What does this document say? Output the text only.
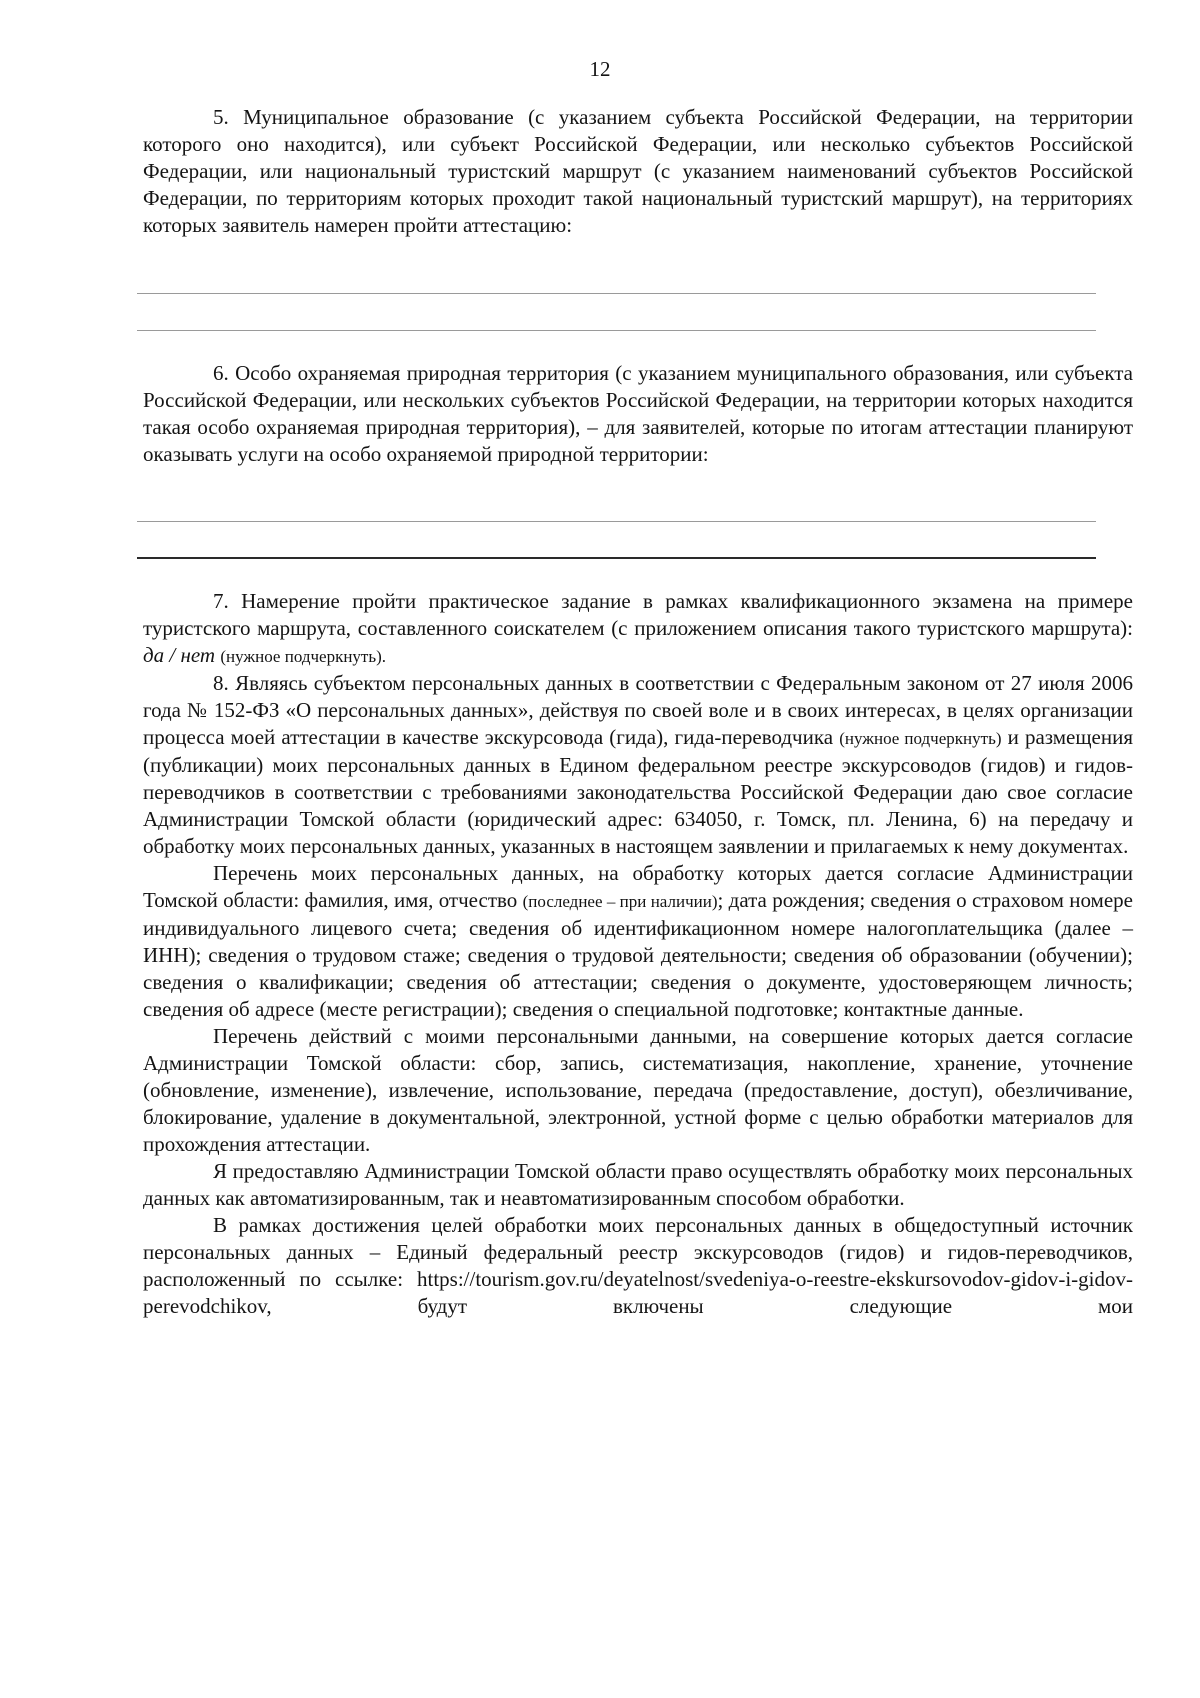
12

5. Муниципальное образование (с указанием субъекта Российской Федерации, на территории которого оно находится), или субъект Российской Федерации, или несколько субъектов Российской Федерации, или национальный туристский маршрут (с указанием наименований субъектов Российской Федерации, по территориям которых проходит такой национальный туристский маршрут), на территориях которых заявитель намерен пройти аттестацию:

6. Особо охраняемая природная территория (с указанием муниципального образования, или субъекта Российской Федерации, или нескольких субъектов Российской Федерации, на территории которых находится такая особо охраняемая природная территория), – для заявителей, которые по итогам аттестации планируют оказывать услуги на особо охраняемой природной территории:

7. Намерение пройти практическое задание в рамках квалификационного экзамена на примере туристского маршрута, составленного соискателем (с приложением описания такого туристского маршрута): да / нет (нужное подчеркнуть).

8. Являясь субъектом персональных данных в соответствии с Федеральным законом от 27 июля 2006 года № 152-ФЗ «О персональных данных», действуя по своей воле и в своих интересах, в целях организации процесса моей аттестации в качестве экскурсовода (гида), гида-переводчика (нужное подчеркнуть) и размещения (публикации) моих персональных данных в Едином федеральном реестре экскурсоводов (гидов) и гидов-переводчиков в соответствии с требованиями законодательства Российской Федерации даю свое согласие Администрации Томской области (юридический адрес: 634050, г. Томск, пл. Ленина, 6) на передачу и обработку моих персональных данных, указанных в настоящем заявлении и прилагаемых к нему документах.

Перечень моих персональных данных, на обработку которых дается согласие Администрации Томской области: фамилия, имя, отчество (последнее – при наличии); дата рождения; сведения о страховом номере индивидуального лицевого счета; сведения об идентификационном номере налогоплательщика (далее – ИНН); сведения о трудовом стаже; сведения о трудовой деятельности; сведения об образовании (обучении); сведения о квалификации; сведения об аттестации; сведения о документе, удостоверяющем личность; сведения об адресе (месте регистрации); сведения о специальной подготовке; контактные данные.

Перечень действий с моими персональными данными, на совершение которых дается согласие Администрации Томской области: сбор, запись, систематизация, накопление, хранение, уточнение (обновление, изменение), извлечение, использование, передача (предоставление, доступ), обезличивание, блокирование, удаление в документальной, электронной, устной форме с целью обработки материалов для прохождения аттестации.

Я предоставляю Администрации Томской области право осуществлять обработку моих персональных данных как автоматизированным, так и неавтоматизированным способом обработки.

В рамках достижения целей обработки моих персональных данных в общедоступный источник персональных данных – Единый федеральный реестр экскурсоводов (гидов) и гидов-переводчиков, расположенный по ссылке: https://tourism.gov.ru/deyatelnost/svedeniya-o-reestre-ekskursovodov-gidov-i-gidov-perevodchikov, будут включены следующие мои
